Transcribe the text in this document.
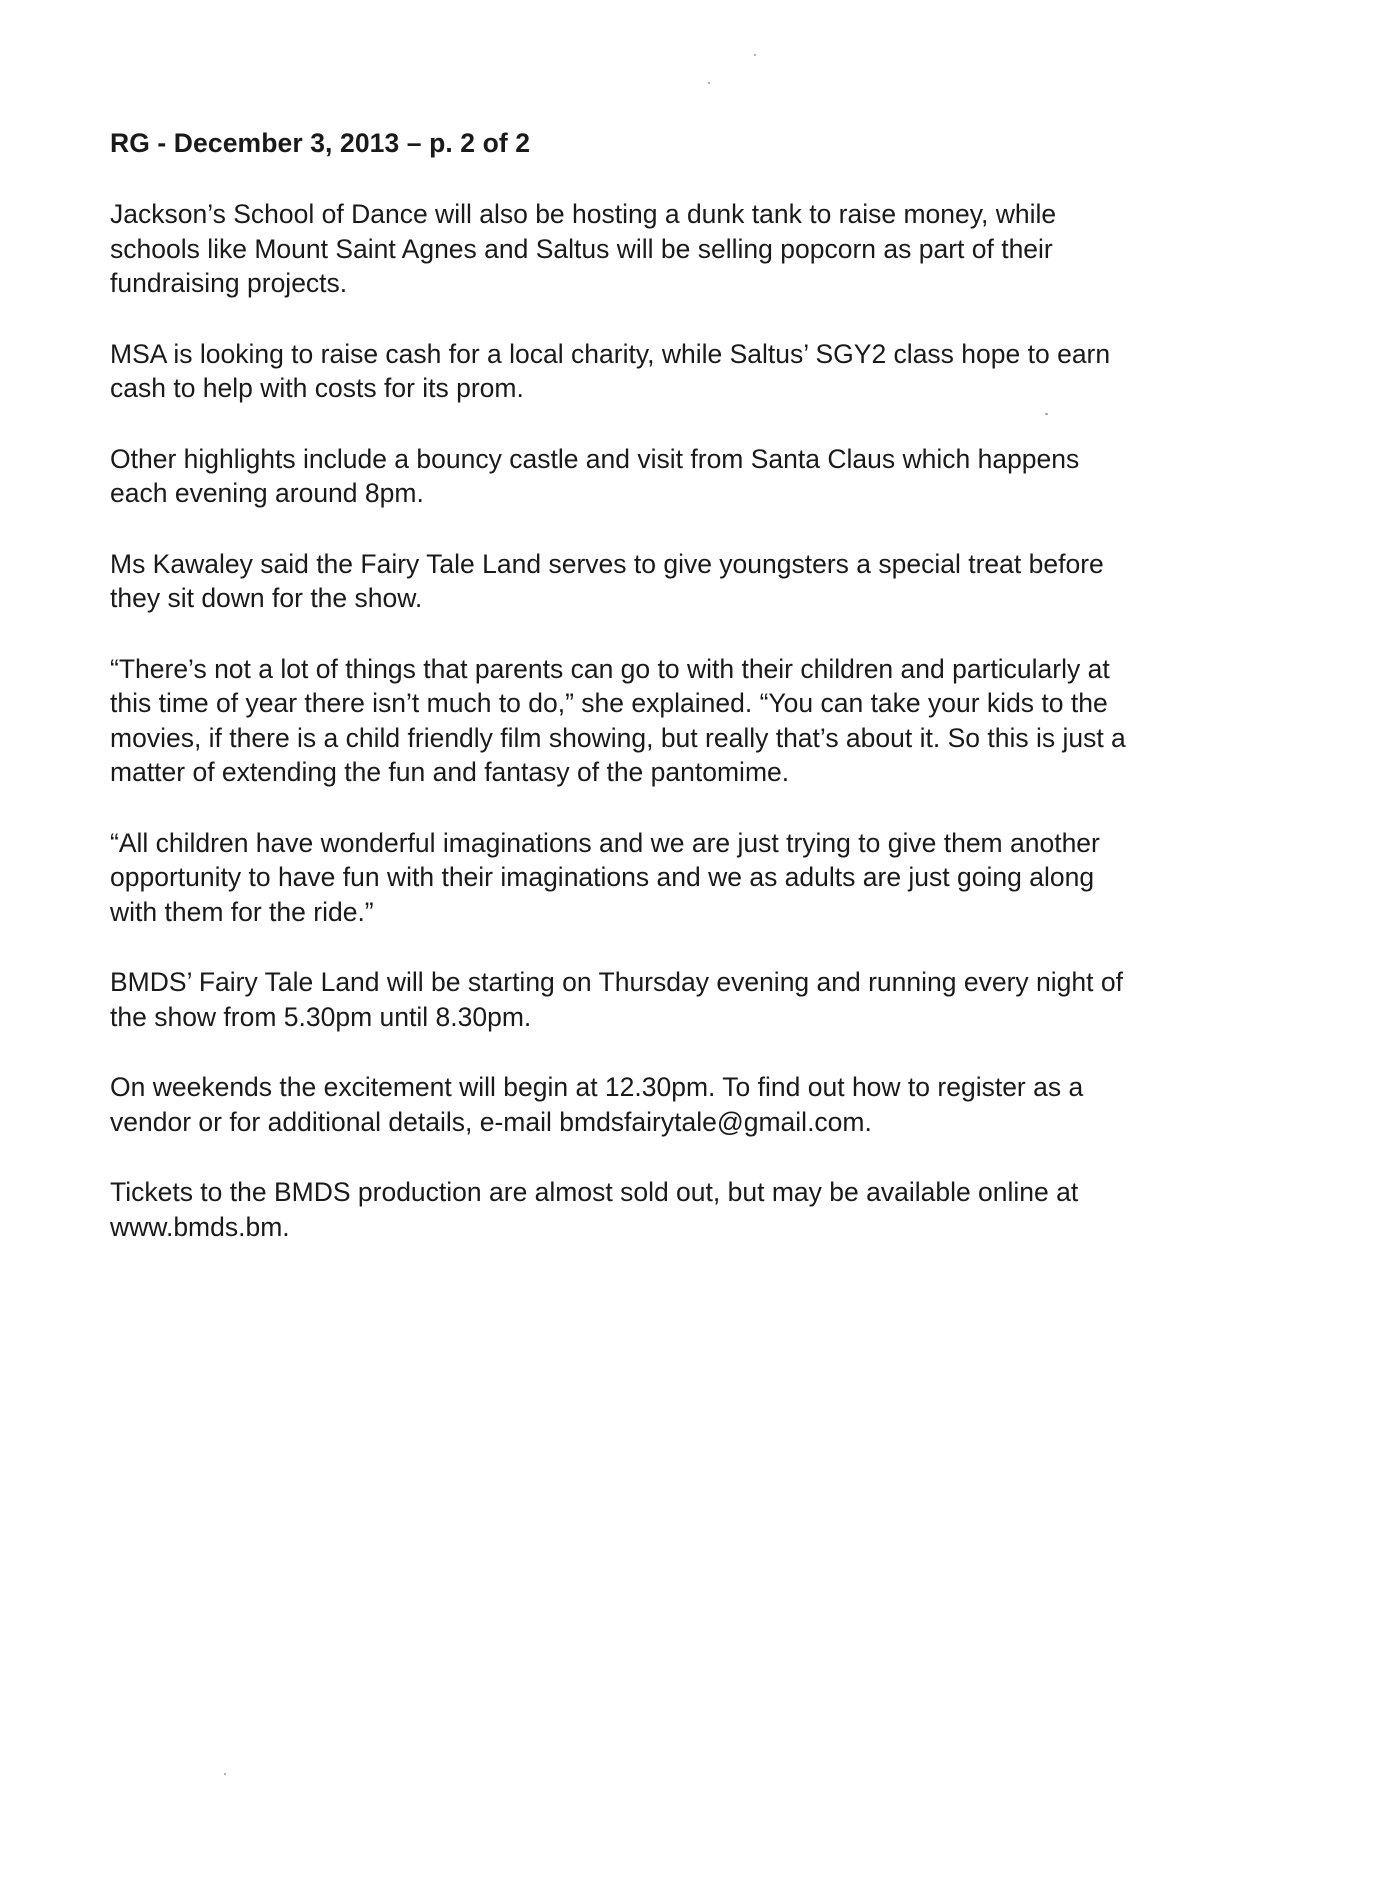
RG - December 3, 2013 – p. 2 of 2

Jackson’s School of Dance will also be hosting a dunk tank to raise money, while
schools like Mount Saint Agnes and Saltus will be selling popcorn as part of their
fundraising projects.

MSA is looking to raise cash for a local charity, while Saltus’ SGY2 class hope to earn
cash to help with costs for its prom.

Other highlights include a bouncy castle and visit from Santa Claus which happens
each evening around 8pm.

Ms Kawaley said the Fairy Tale Land serves to give youngsters a special treat before
they sit down for the show.

“There’s not a lot of things that parents can go to with their children and particularly at
this time of year there isn’t much to do,” she explained. “You can take your kids to the
movies, if there is a child friendly film showing, but really that’s about it. So this is just a
matter of extending the fun and fantasy of the pantomime.

“All children have wonderful imaginations and we are just trying to give them another
opportunity to have fun with their imaginations and we as adults are just going along
with them for the ride.”

BMDS’ Fairy Tale Land will be starting on Thursday evening and running every night of
the show from 5.30pm until 8.30pm.

On weekends the excitement will begin at 12.30pm. To find out how to register as a
vendor or for additional details, e-mail bmdsfairytale@gmail.com.

Tickets to the BMDS production are almost sold out, but may be available online at
www.bmds.bm.
